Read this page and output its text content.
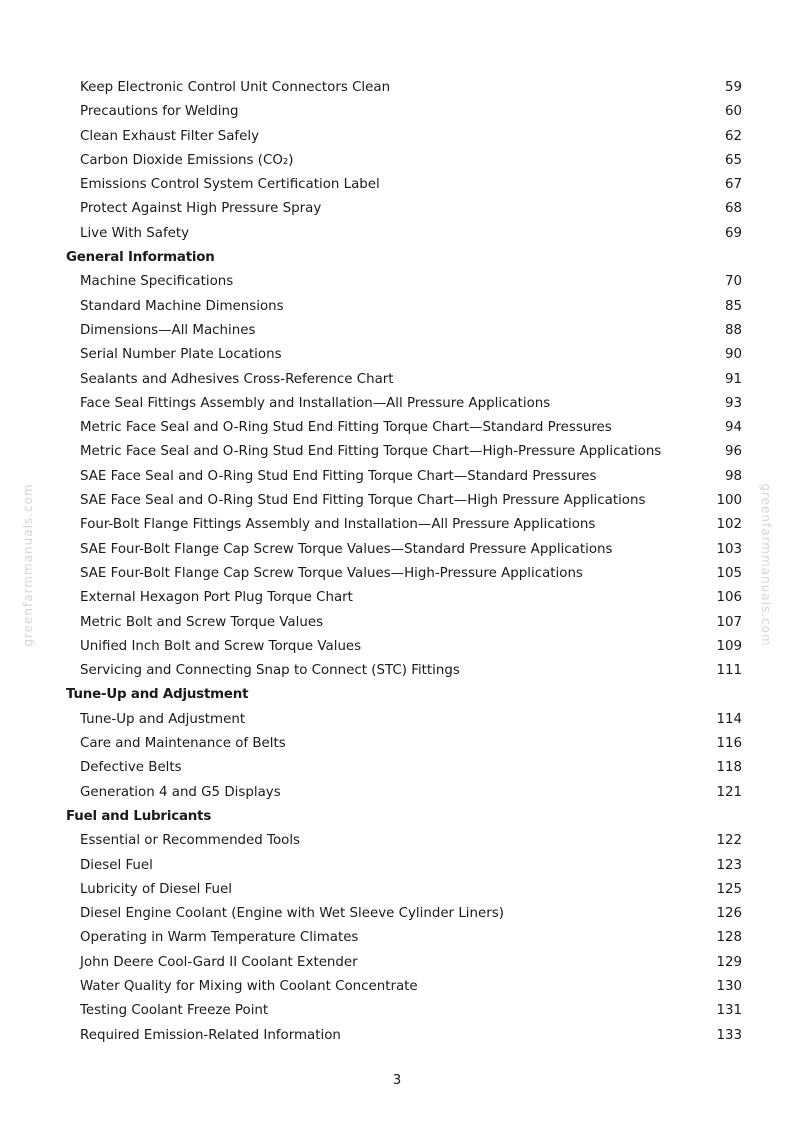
greenfarmmanuals.com	greenfarmmanuals.com
Keep Electronic Control Unit Connectors Clean	59
Precautions for Welding	60
Clean Exhaust Filter Safely	62
Carbon Dioxide Emissions (CO₂)	65
Emissions Control System Certification Label	67
Protect Against High Pressure Spray	68
Live With Safety	69
General Information
Machine Specifications	70
Standard Machine Dimensions	85
Dimensions—All Machines	88
Serial Number Plate Locations	90
Sealants and Adhesives Cross-Reference Chart	91
Face Seal Fittings Assembly and Installation—All Pressure Applications	93
Metric Face Seal and O-Ring Stud End Fitting Torque Chart—Standard Pressures	94
Metric Face Seal and O-Ring Stud End Fitting Torque Chart—High-Pressure Applications	96
SAE Face Seal and O-Ring Stud End Fitting Torque Chart—Standard Pressures	98
SAE Face Seal and O-Ring Stud End Fitting Torque Chart—High Pressure Applications	100
Four-Bolt Flange Fittings Assembly and Installation—All Pressure Applications	102
SAE Four-Bolt Flange Cap Screw Torque Values—Standard Pressure Applications	103
SAE Four-Bolt Flange Cap Screw Torque Values—High-Pressure Applications	105
External Hexagon Port Plug Torque Chart	106
Metric Bolt and Screw Torque Values	107
Unified Inch Bolt and Screw Torque Values	109
Servicing and Connecting Snap to Connect (STC) Fittings	111
Tune-Up and Adjustment
Tune-Up and Adjustment	114
Care and Maintenance of Belts	116
Defective Belts	118
Generation 4 and G5 Displays	121
Fuel and Lubricants
Essential or Recommended Tools	122
Diesel Fuel	123
Lubricity of Diesel Fuel	125
Diesel Engine Coolant (Engine with Wet Sleeve Cylinder Liners)	126
Operating in Warm Temperature Climates	128
John Deere Cool-Gard II Coolant Extender	129
Water Quality for Mixing with Coolant Concentrate	130
Testing Coolant Freeze Point	131
Required Emission-Related Information	133
3
